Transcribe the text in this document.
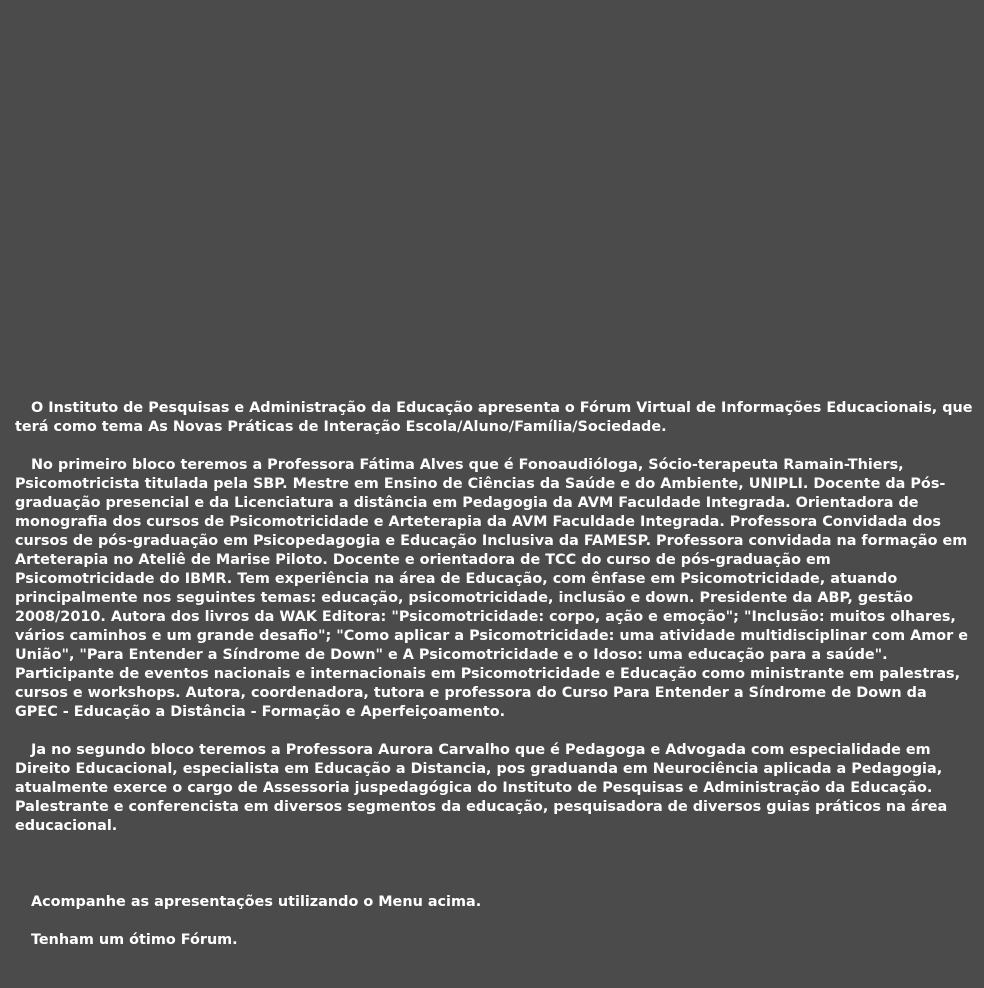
O Instituto de Pesquisas e Administração da Educação apresenta o Fórum Virtual de Informações Educacionais, que terá como tema As Novas Práticas de Interação Escola/Aluno/Família/Sociedade.

No primeiro bloco teremos a Professora Fátima Alves que é Fonoaudióloga, Sócio-terapeuta Ramain-Thiers, Psicomotricista titulada pela SBP. Mestre em Ensino de Ciências da Saúde e do Ambiente, UNIPLI. Docente da Pós-graduação presencial e da Licenciatura a distância em Pedagogia da AVM Faculdade Integrada. Orientadora de monografia dos cursos de Psicomotricidade e Arteterapia da AVM Faculdade Integrada. Professora Convidada dos cursos de pós-graduação em Psicopedagogia e Educação Inclusiva da FAMESP. Professora convidada na formação em Arteterapia no Ateliê de Marise Piloto. Docente e orientadora de TCC do curso de pós-graduação em Psicomotricidade do IBMR. Tem experiência na área de Educação, com ênfase em Psicomotricidade, atuando principalmente nos seguintes temas: educação, psicomotricidade, inclusão e down. Presidente da ABP, gestão 2008/2010. Autora dos livros da WAK Editora: "Psicomotricidade: corpo, ação e emoção"; "Inclusão: muitos olhares, vários caminhos e um grande desafio"; "Como aplicar a Psicomotricidade: uma atividade multidisciplinar com Amor e União", "Para Entender a Síndrome de Down" e A Psicomotricidade e o Idoso: uma educação para a saúde". Participante de eventos nacionais e internacionais em Psicomotricidade e Educação como ministrante em palestras, cursos e workshops. Autora, coordenadora, tutora e professora do Curso Para Entender a Síndrome de Down da GPEC - Educação a Distância - Formação e Aperfeiçoamento.

Ja no segundo bloco teremos a Professora Aurora Carvalho que é Pedagoga e Advogada com especialidade em Direito Educacional, especialista em Educação a Distancia, pos graduanda em Neurociência aplicada a Pedagogia, atualmente exerce o cargo de Assessoria juspedagógica do Instituto de Pesquisas e Administração da Educação. Palestrante e conferencista em diversos segmentos da educação, pesquisadora de diversos guias práticos na área educacional.

Acompanhe as apresentações utilizando o Menu acima.

Tenham um ótimo Fórum.
